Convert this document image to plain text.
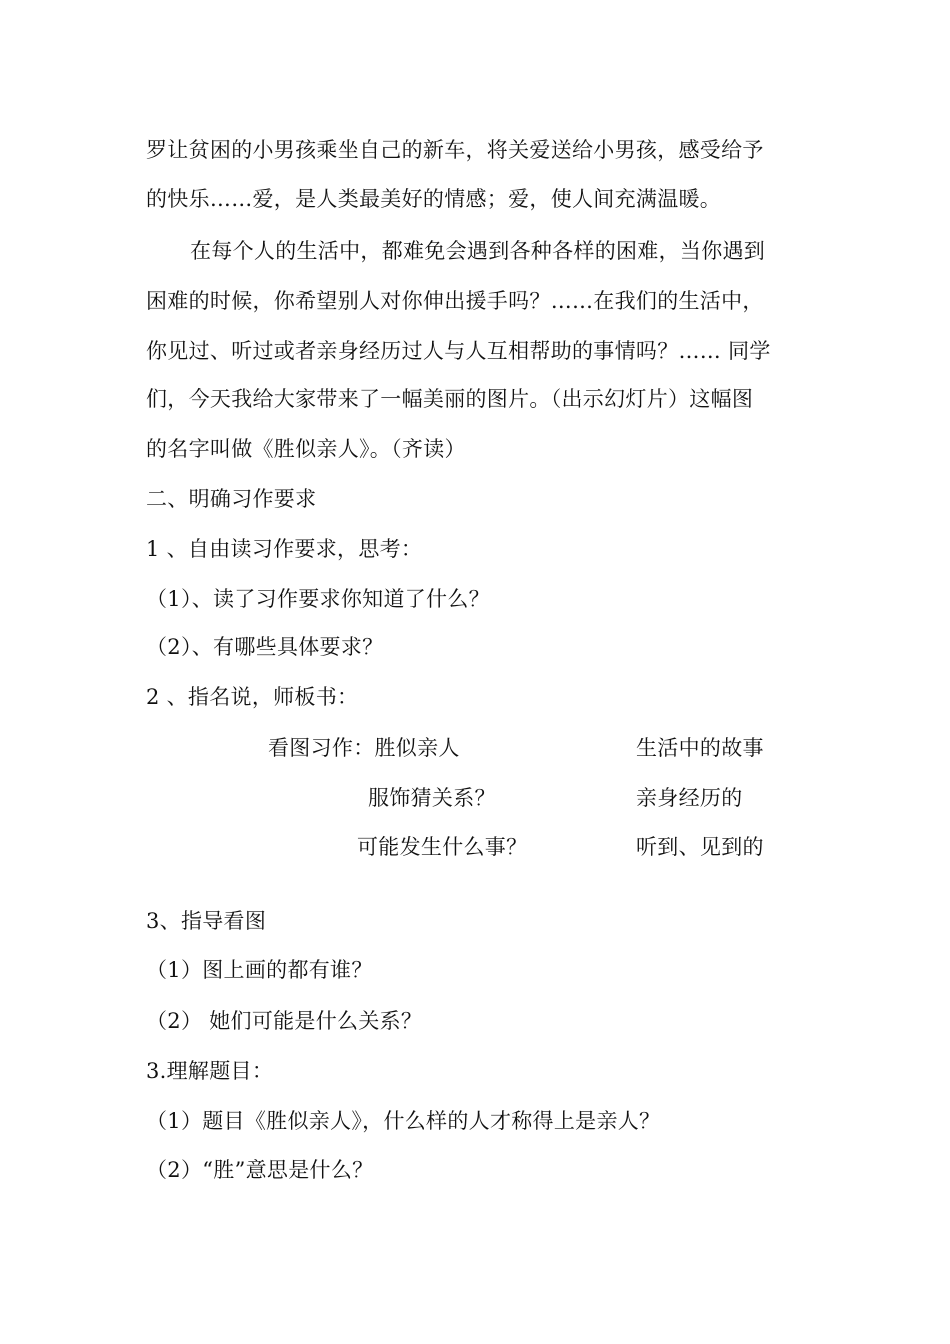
罗让贫困的小男孩乘坐自己的新车，将关爱送给小男孩，感受给予
的快乐……爱，是人类最美好的情感；爱，使人间充满温暖。
在每个人的生活中，都难免会遇到各种各样的困难，当你遇到
困难的时候，你希望别人对你伸出援手吗？……在我们的生活中，
你见过、听过或者亲身经历过人与人互相帮助的事情吗？…… 同学
们，今天我给大家带来了一幅美丽的图片。（出示幻灯片）这幅图
的名字叫做《胜似亲人》。（齐读）
二、明确习作要求
1 、自由读习作要求，思考：
（1）、读了习作要求你知道了什么？
（2）、有哪些具体要求？
2 、指名说，师板书：
看图习作：胜似亲人	生活中的故事
服饰猜关系？	亲身经历的
可能发生什么事？	听到、见到的
3、指导看图
（1）图上画的都有谁？
（2） 她们可能是什么关系？
3.理解题目：
（1）题目《胜似亲人》，什么样的人才称得上是亲人？
（2）“胜”意思是什么？
